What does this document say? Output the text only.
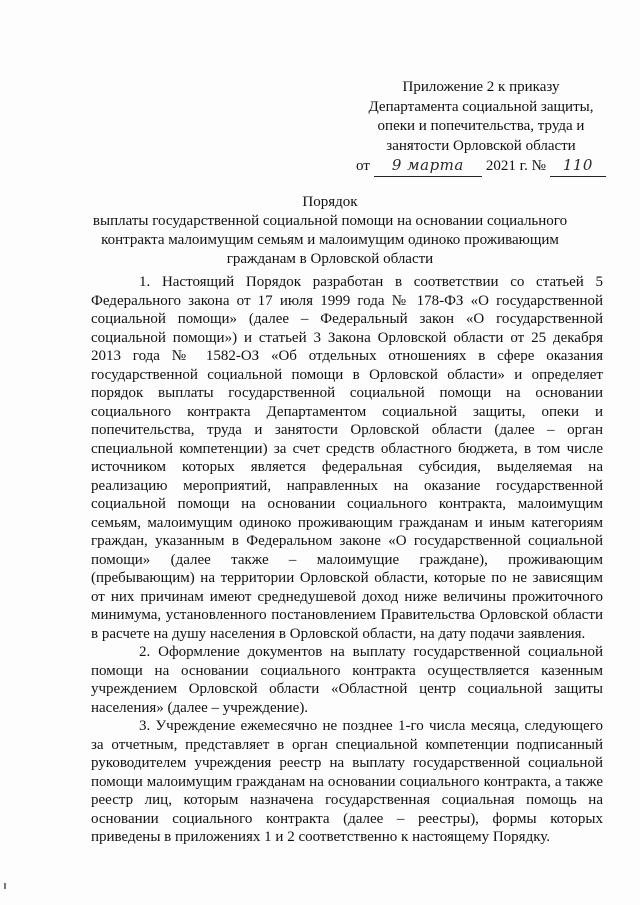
Приложение 2 к приказу
Департамента социальной защиты,
опеки и попечительства, труда и
занятости Орловской области
от 9 марта 2021 г. № 110
Порядок
выплаты государственной социальной помощи на основании социального контракта малоимущим семьям и малоимущим одиноко проживающим гражданам в Орловской области

1. Настоящий Порядок разработан в соответствии со статьей 5 Федерального закона от 17 июля 1999 года № 178-ФЗ «О государственной социальной помощи» (далее – Федеральный закон «О государственной социальной помощи») и статьей 3 Закона Орловской области от 25 декабря 2013 года № 1582-ОЗ «Об отдельных отношениях в сфере оказания государственной социальной помощи в Орловской области» и определяет порядок выплаты государственной социальной помощи на основании социального контракта Департаментом социальной защиты, опеки и попечительства, труда и занятости Орловской области (далее – орган специальной компетенции) за счет средств областного бюджета, в том числе источником которых является федеральная субсидия, выделяемая на реализацию мероприятий, направленных на оказание государственной социальной помощи на основании социального контракта, малоимущим семьям, малоимущим одиноко проживающим гражданам и иным категориям граждан, указанным в Федеральном законе «О государственной социальной помощи» (далее также – малоимущие граждане), проживающим (пребывающим) на территории Орловской области, которые по не зависящим от них причинам имеют среднедушевой доход ниже величины прожиточного минимума, установленного постановлением Правительства Орловской области в расчете на душу населения в Орловской области, на дату подачи заявления.

2. Оформление документов на выплату государственной социальной помощи на основании социального контракта осуществляется казенным учреждением Орловской области «Областной центр социальной защиты населения» (далее – учреждение).

3. Учреждение ежемесячно не позднее 1-го числа месяца, следующего за отчетным, представляет в орган специальной компетенции подписанный руководителем учреждения реестр на выплату государственной социальной помощи малоимущим гражданам на основании социального контракта, а также реестр лиц, которым назначена государственная социальная помощь на основании социального контракта (далее – реестры), формы которых приведены в приложениях 1 и 2 соответственно к настоящему Порядку.
